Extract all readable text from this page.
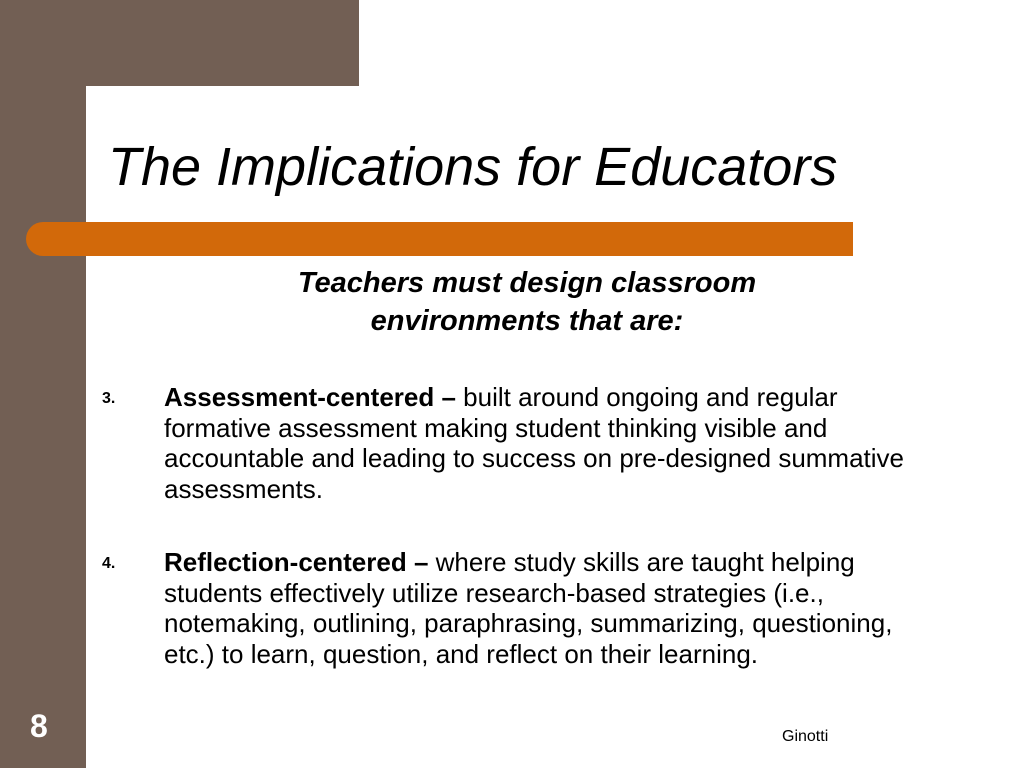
The Implications for Educators
Teachers must design classroom
environments that are:
3. Assessment-centered – built around ongoing and regular formative assessment making student thinking visible and accountable and leading to success on pre-designed summative assessments.
4. Reflection-centered – where study skills are taught helping students effectively utilize research-based strategies (i.e., notemaking, outlining, paraphrasing, summarizing, questioning, etc.) to learn, question, and reflect on their learning.
8	Ginotti
